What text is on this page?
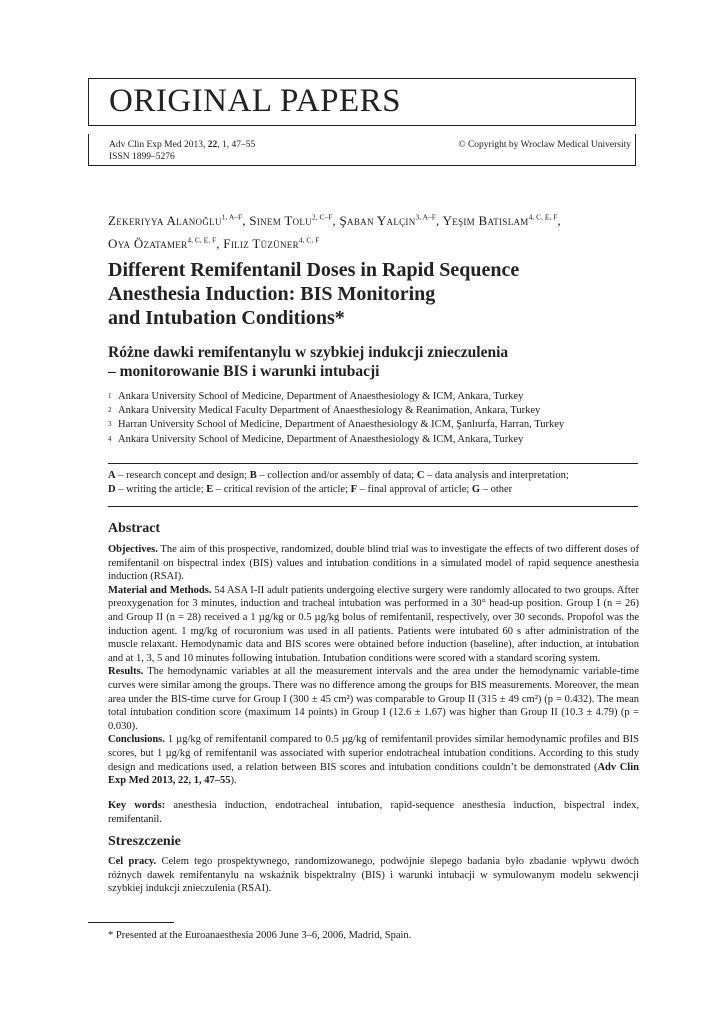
ORIGINAL PAPERS
Adv Clin Exp Med 2013, 22, 1, 47–55
ISSN 1899–5276
© Copyright by Wroclaw Medical University
Zekeriyya Alanoğlu$^{1, A-F}$, Sinem Tolu$^{2, C-F}$, Şaban Yalçin$^{3, A-F}$, Yeşim Batislam$^{4, C, E, F}$,
Oya Özatamer$^{4, C, E, F}$, Filiz Tüzüner$^{4, C, F}$
Different Remifentanil Doses in Rapid Sequence
Anesthesia Induction: BIS Monitoring
and Intubation Conditions*
Różne dawki remifentanylu w szybkiej indukcji znieczulenia
– monitorowanie BIS i warunki intubacji
1 Ankara University School of Medicine, Department of Anaesthesiology & ICM, Ankara, Turkey
2 Ankara University Medical Faculty Department of Anaesthesiology & Reanimation, Ankara, Turkey
3 Harran University School of Medicine, Department of Anaesthesiology & ICM, Şanlıurfa, Harran, Turkey
4 Ankara University School of Medicine, Department of Anaesthesiology & ICM, Ankara, Turkey
A – research concept and design; B – collection and/or assembly of data; C – data analysis and interpretation;
D – writing the article; E – critical revision of the article; F – final approval of article; G – other
Abstract

Objectives. The aim of this prospective, randomized, double blind trial was to investigate the effects of two different doses of remifentanil on bispectral index (BIS) values and intubation conditions in a simulated model of rapid sequence anesthesia induction (RSAI).

Material and Methods. 54 ASA I-II adult patients undergoing elective surgery were randomly allocated to two groups. After preoxygenation for 3 minutes, induction and tracheal intubation was performed in a 30° head-up position. Group I (n = 26) and Group II (n = 28) received a 1 µg/kg or 0.5 µg/kg bolus of remifentanil, respectively, over 30 seconds. Propofol was the induction agent. 1 mg/kg of rocuronium was used in all patients. Patients were intubated 60 s after administration of the muscle relaxant. Hemodynamic data and BIS scores were obtained before induction (baseline), after induction, at intubation and at 1, 3, 5 and 10 minutes following intubation. Intubation conditions were scored with a standard scoring system.

Results. The hemodynamic variables at all the measurement intervals and the area under the hemodynamic variable-time curves were similar among the groups. There was no difference among the groups for BIS measurements. Moreover, the mean area under the BIS-time curve for Group I (300 ± 45 cm²) was comparable to Group II (315 ± 49 cm²) (p = 0.432). The mean total intubation condition score (maximum 14 points) in Group I (12.6 ± 1.67) was higher than Group II (10.3 ± 4.79) (p = 0.030).

Conclusions. 1 µg/kg of remifentanil compared to 0.5 µg/kg of remifentanil provides similar hemodynamic profiles and BIS scores, but 1 µg/kg of remifentanil was associated with superior endotracheal intubation conditions. According to this study design and medications used, a relation between BIS scores and intubation conditions couldn’t be demonstrated (Adv Clin Exp Med 2013, 22, 1, 47–55).

Key words: anesthesia induction, endotracheal intubation, rapid-sequence anesthesia induction, bispectral index, remifentanil.
Streszczenie
Cel pracy. Celem tego prospektywnego, randomizowanego, podwójnie ślepego badania było zbadanie wpływu dwóch różnych dawek remifentanylu na wskaźnik bispektralny (BIS) i warunki intubacji w symulowanym modelu sekwencji szybkiej indukcji znieczulenia (RSAI).
* Presented at the Euroanaesthesia 2006 June 3–6, 2006, Madrid, Spain.
